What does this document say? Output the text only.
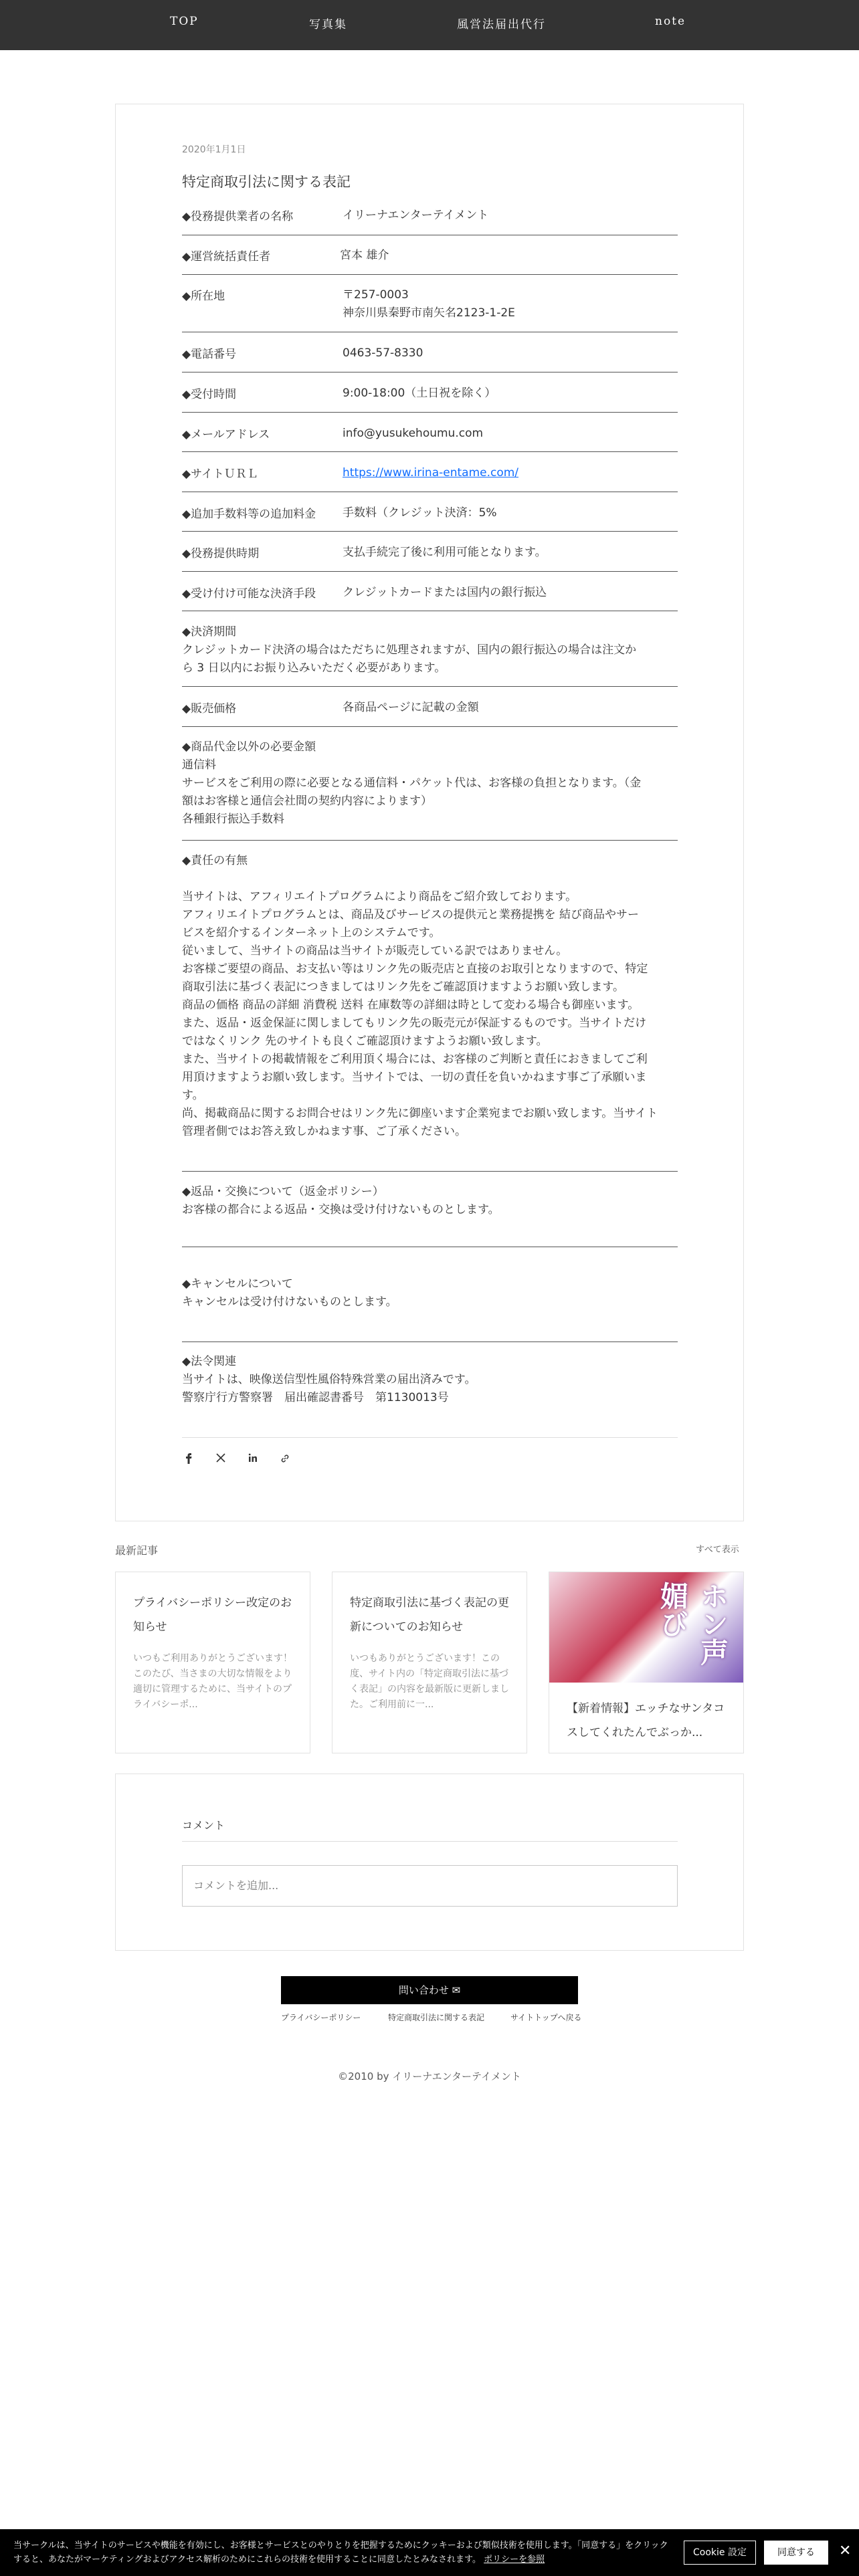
TOP	写真集	風営法届出代行	note
2020年1月1日
特定商取引法に関する表記
◆役務提供業者の名称	イリーナエンターテイメント
◆運営統括責任者	宮本 雄介
◆所在地	〒257-0003
神奈川県秦野市南矢名2123-1-2E
◆電話番号	0463-57-8330
◆受付時間	9:00-18:00（土日祝を除く）
◆メールアドレス	info@yusukehoumu.com
◆サイトＵＲＬ	https://www.irina-entame.com/
◆追加手数料等の追加料金 手数料（クレジット決済：5%
◆役務提供時期	支払手続完了後に利用可能となります。
◆受け付け可能な決済手段 クレジットカードまたは国内の銀行振込
◆決済期間
クレジットカード決済の場合はただちに処理されますが、国内の銀行振込の場合は注文か
ら 3 日以内にお振り込みいただく必要があります。
◆販売価格	各商品ページに記載の金額
◆商品代金以外の必要金額
通信料
サービスをご利用の際に必要となる通信料・パケット代は、お客様の負担となります。（金
額はお客様と通信会社間の契約内容によります）
各種銀行振込手数料
◆責任の有無
当サイトは、アフィリエイトプログラムにより商品をご紹介致しております。
アフィリエイトプログラムとは、商品及びサービスの提供元と業務提携を 結び商品やサー
ビスを紹介するインターネット上のシステムです。
従いまして、当サイトの商品は当サイトが販売している訳ではありません。
お客様ご要望の商品、お支払い等はリンク先の販売店と直接のお取引となりますので、特定
商取引法に基づく表記につきましてはリンク先をご確認頂けますようお願い致します。
商品の価格 商品の詳細 消費税 送料 在庫数等の詳細は時として変わる場合も御座います。
また、返品・返金保証に関しましてもリンク先の販売元が保証するものです。当サイトだけ
ではなくリンク 先のサイトも良くご確認頂けますようお願い致します。
また、当サイトの掲載情報をご利用頂く場合には、お客様のご判断と責任におきましてご利
用頂けますようお願い致します。当サイトでは、一切の責任を負いかねます事ご了承願いま
す。
尚、掲載商品に関するお問合せはリンク先に御座います企業宛までお願い致します。当サイト
管理者側ではお答え致しかねます事、ご了承ください。
◆返品・交換について（返金ポリシー）
お客様の都合による返品・交換は受け付けないものとします。
◆キャンセルについて
キャンセルは受け付けないものとします。
◆法令関連
当サイトは、映像送信型性風俗特殊営業の届出済みです。
警察庁行方警察署　届出確認書番号　第1130013号
最新記事	すべて表示
プライバシーポリシー改定のお知らせ
いつもご利用ありがとうございます！ このたび、当さまの大切な情報をより適切に管理するために、当サイトのプライバシーポ...
特定商取引法に基づく表記の更新についてのお知らせ
いつもありがとうございます！この度、サイト内の「特定商取引法に基づく表記」の内容を最新版に更新しました。ご利用前に一...
ホン声媚び
【新着情報】エッチなサンタコスしてくれたんでぶっか...
コメント
コメントを追加...
問い合わせ ✉
プライバシーポリシー	特定商取引法に関する表記	サイトトップへ戻る
©2010 by イリーナエンターテイメント
当サークルは、当サイトのサービスや機能を有効にし、お客様とサービスとのやりとりを把握するためにクッキーおよび類似技術を使用します。「同意する」をクリックすると、あなたがマーケティングおよびアクセス解析のためにこれらの技術を使用することに同意したとみなされます。 ポリシーを参照
Cookie 設定	同意する	✕
